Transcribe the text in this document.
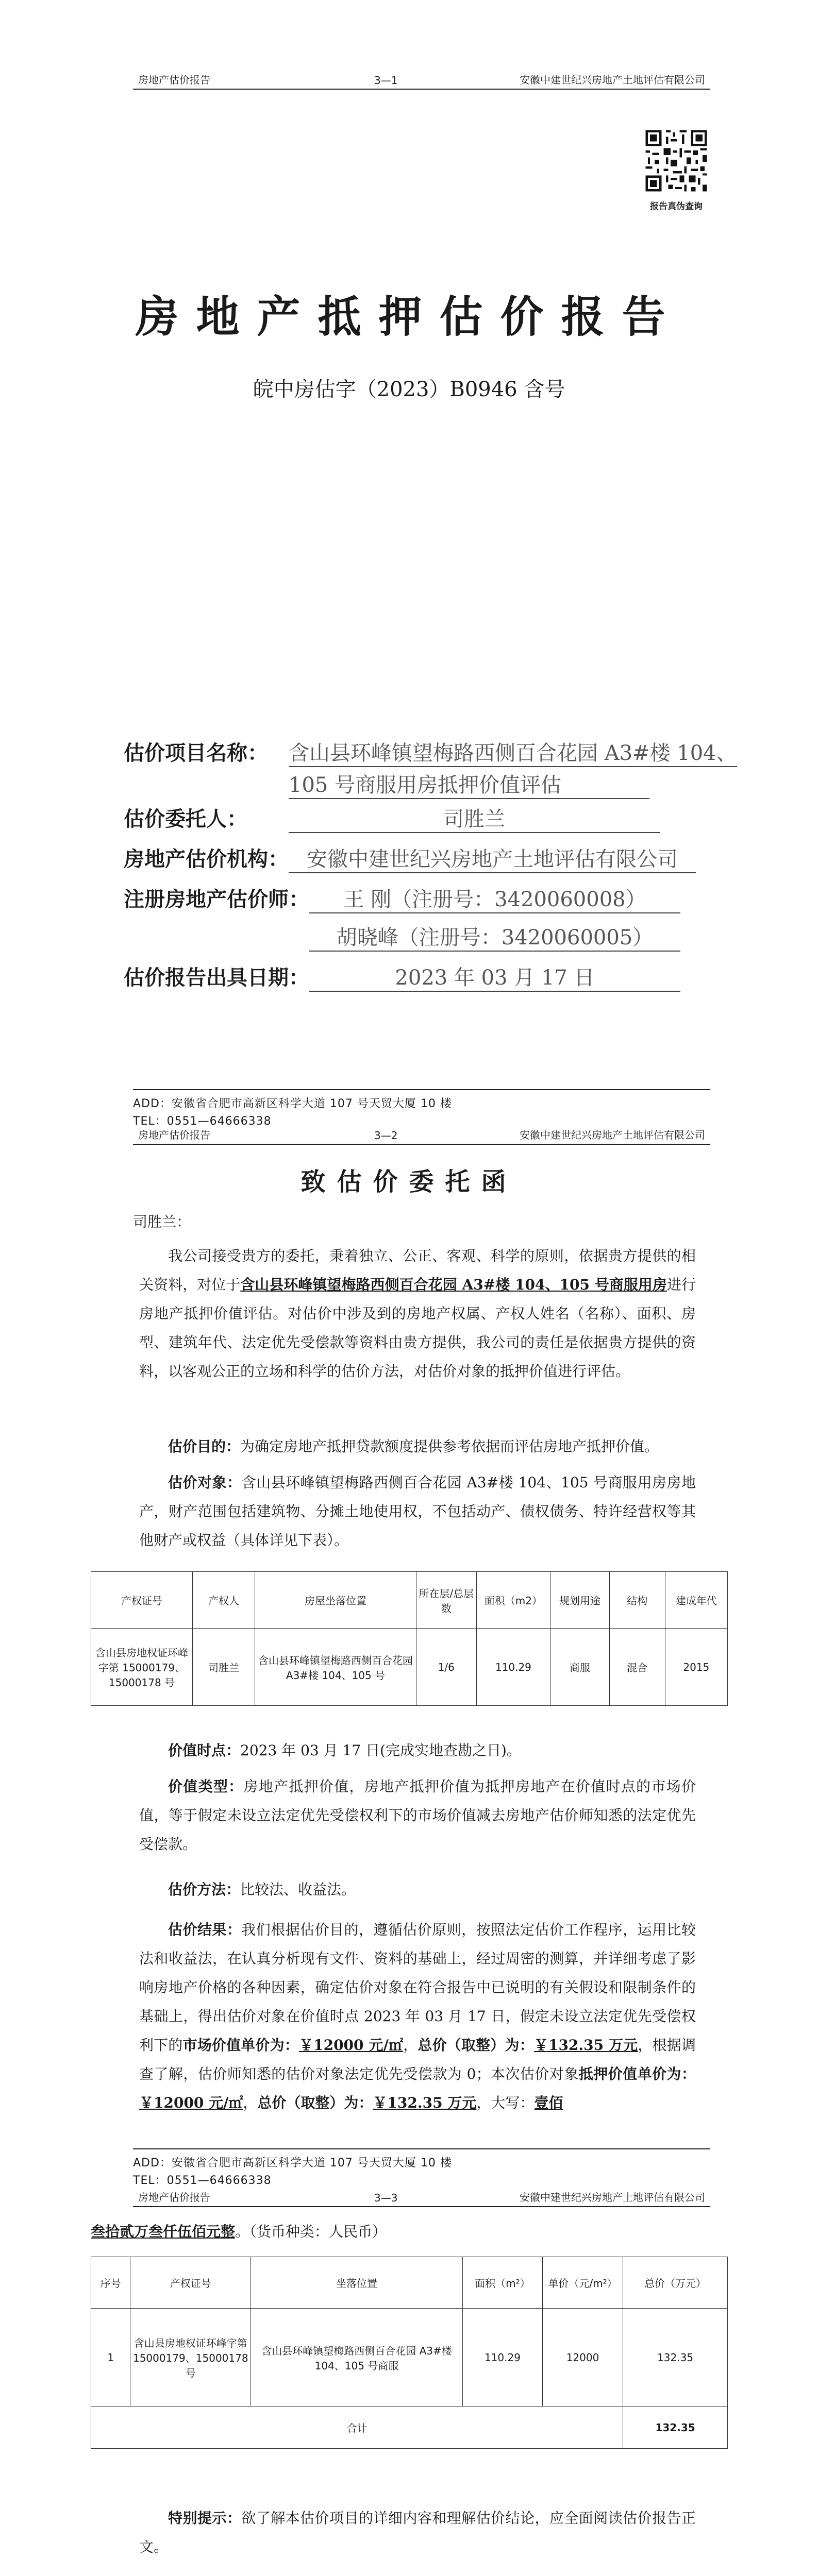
房地产估价报告	3—1	安徽中建世纪兴房地产土地评估有限公司
报告真伪查询
房地产抵押估价报告
皖中房估字（2023）B0946 含号
估价项目名称： 含山县环峰镇望梅路西侧百合花园 A3#楼 104、
105 号商服用房抵押价值评估
估价委托人：	司胜兰
房地产估价机构： 安徽中建世纪兴房地产土地评估有限公司
注册房地产估价师：	王 刚（注册号：3420060008）
胡晓峰（注册号：3420060005）
估价报告出具日期：	2023 年 03 月 17 日
ADD：安徽省合肥市高新区科学大道 107 号天贸大厦 10 楼
TEL：0551—64666338
房地产估价报告	3—2	安徽中建世纪兴房地产土地评估有限公司
致估价委托函
司胜兰：
我公司接受贵方的委托，秉着独立、公正、客观、科学的原则，依据贵方提供的相关资料，对位于含山县环峰镇望梅路西侧百合花园 A3#楼 104、105 号商服用房进行房地产抵押价值评估。对估价中涉及到的房地产权属、产权人姓名（名称）、面积、房型、建筑年代、法定优先受偿款等资料由贵方提供，我公司的责任是依据贵方提供的资料，以客观公正的立场和科学的估价方法，对估价对象的抵押价值进行评估。
估价目的：为确定房地产抵押贷款额度提供参考依据而评估房地产抵押价值。
估价对象：含山县环峰镇望梅路西侧百合花园 A3#楼 104、105 号商服用房房地产，财产范围包括建筑物、分摊土地使用权，不包括动产、债权债务、特许经营权等其他财产或权益（具体详见下表）。
产权证号	产权人	房屋坐落位置	所在层/总层数	面积（m2）	规划用途	结构	建成年代
含山县房地权证环峰字第 15000179、15000178 号	司胜兰	含山县环峰镇望梅路西侧百合花园 A3#楼 104、105 号	1/6	110.29	商服	混合	2015
价值时点：2023 年 03 月 17 日(完成实地查勘之日)。
价值类型：房地产抵押价值，房地产抵押价值为抵押房地产在价值时点的市场价值，等于假定未设立法定优先受偿权利下的市场价值减去房地产估价师知悉的法定优先受偿款。
估价方法：比较法、收益法。
估价结果：我们根据估价目的，遵循估价原则，按照法定估价工作程序，运用比较法和收益法，在认真分析现有文件、资料的基础上，经过周密的测算，并详细考虑了影响房地产价格的各种因素，确定估价对象在符合报告中已说明的有关假设和限制条件的基础上，得出估价对象在价值时点 2023 年 03 月 17 日，假定未设立法定优先受偿权利下的市场价值单价为：￥12000 元/㎡，总价（取整）为：￥132.35 万元，根据调查了解，估价师知悉的估价对象法定优先受偿款为 0；本次估价对象抵押价值单价为：￥12000 元/㎡，总价（取整）为：￥132.35 万元，大写：壹佰
ADD：安徽省合肥市高新区科学大道 107 号天贸大厦 10 楼
TEL：0551—64666338
房地产估价报告	3—3	安徽中建世纪兴房地产土地评估有限公司
叁拾贰万叁仟伍佰元整。（货币种类：人民币）
序号	产权证号	坐落位置	面积（m²）	单价（元/m²）	总价（万元）
1	含山县房地权证环峰字第 15000179、15000178 号	含山县环峰镇望梅路西侧百合花园 A3#楼 104、105 号商服	110.29	12000	132.35
合计					132.35
特别提示：欲了解本估价项目的详细内容和理解估价结论，应全面阅读估价报告正文。
